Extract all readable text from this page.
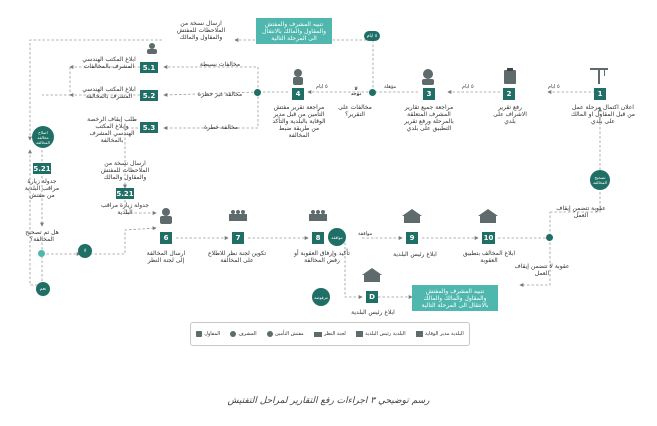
1
2
3
4
5.1
5.2
5.3
5.21
5.21
6	7	8	9	10
D
تنبيه المشرف والمفتش والمقاول والمالك بالانتقال الى المرحلة التالية
تنبيه المشرف والمفتش والمقاول والمالك والمالك بالانتقال الى المرحلة التالية
٥ ايام
اصلاح مخالفة المخالفة
تصحيح المخالفة
موافقة
مرفوضة
لا
نعم
لا توجد
٥ ايام
٥ ايام
٥ ايام	مؤهلة
موافقة
اعلان اكتمال مرحلة عمل من قبل المقاول او المالك على بلدي
رفع تقرير الاشراف على بلدي
مراجعة جميع تقارير المشرف المتعلقة بالمرحلة ورفع تقرير التطبيق على بلدي
مراجعة تقرير مفتش التأمين من قبل مدير الوقاية بالبلدية والتأكد من طريقة ضبط المخالفة
مخالفات على التقرير؟
مخالفات بسيطة
مخالفة غير خطرة
مخالفة خطرة
ابلاغ المكتب الهندسي المشرف بالمخالفات
ابلاغ المكتب الهندسي المشرف بالمخالفة
طلب إيقاف الرخصة وإبلاغ المكتب الهندسي المشرف بالمخالفة
ارسال نسخة من الملاحظات للمفتش والمقاول والمالك
ارسال نسخة من الملاحظات للمفتش والمقاول والمالك
جدولة زيارة مراقب البلدية من مفتش
جدولة زيارة مراقب البلدية
هل تم تصحيح المخالفة؟
ارسال المخالفة إلى لجنة النظر
تكوين لجنة نظر للاطلاع على المخالفة
تأكيد وإرفاق العقوبة أو رفض المخالفة
ابلاغ رئيس البلدية	ابلاغ المخالف بتطبيق العقوبة
عقوبة تتضمن إيقاف العمل
عقوبة لا تتضمن إيقاف العمل
ابلاغ رئيس البلدية
المقاول	المشرف	مفتش التأمين	لجنة النظر	البلدية رئيس البلدية	البلدية مدير الوقاية
رسم توضيحي ٣ اجراءات رفع التقارير لمراحل التفتيش
